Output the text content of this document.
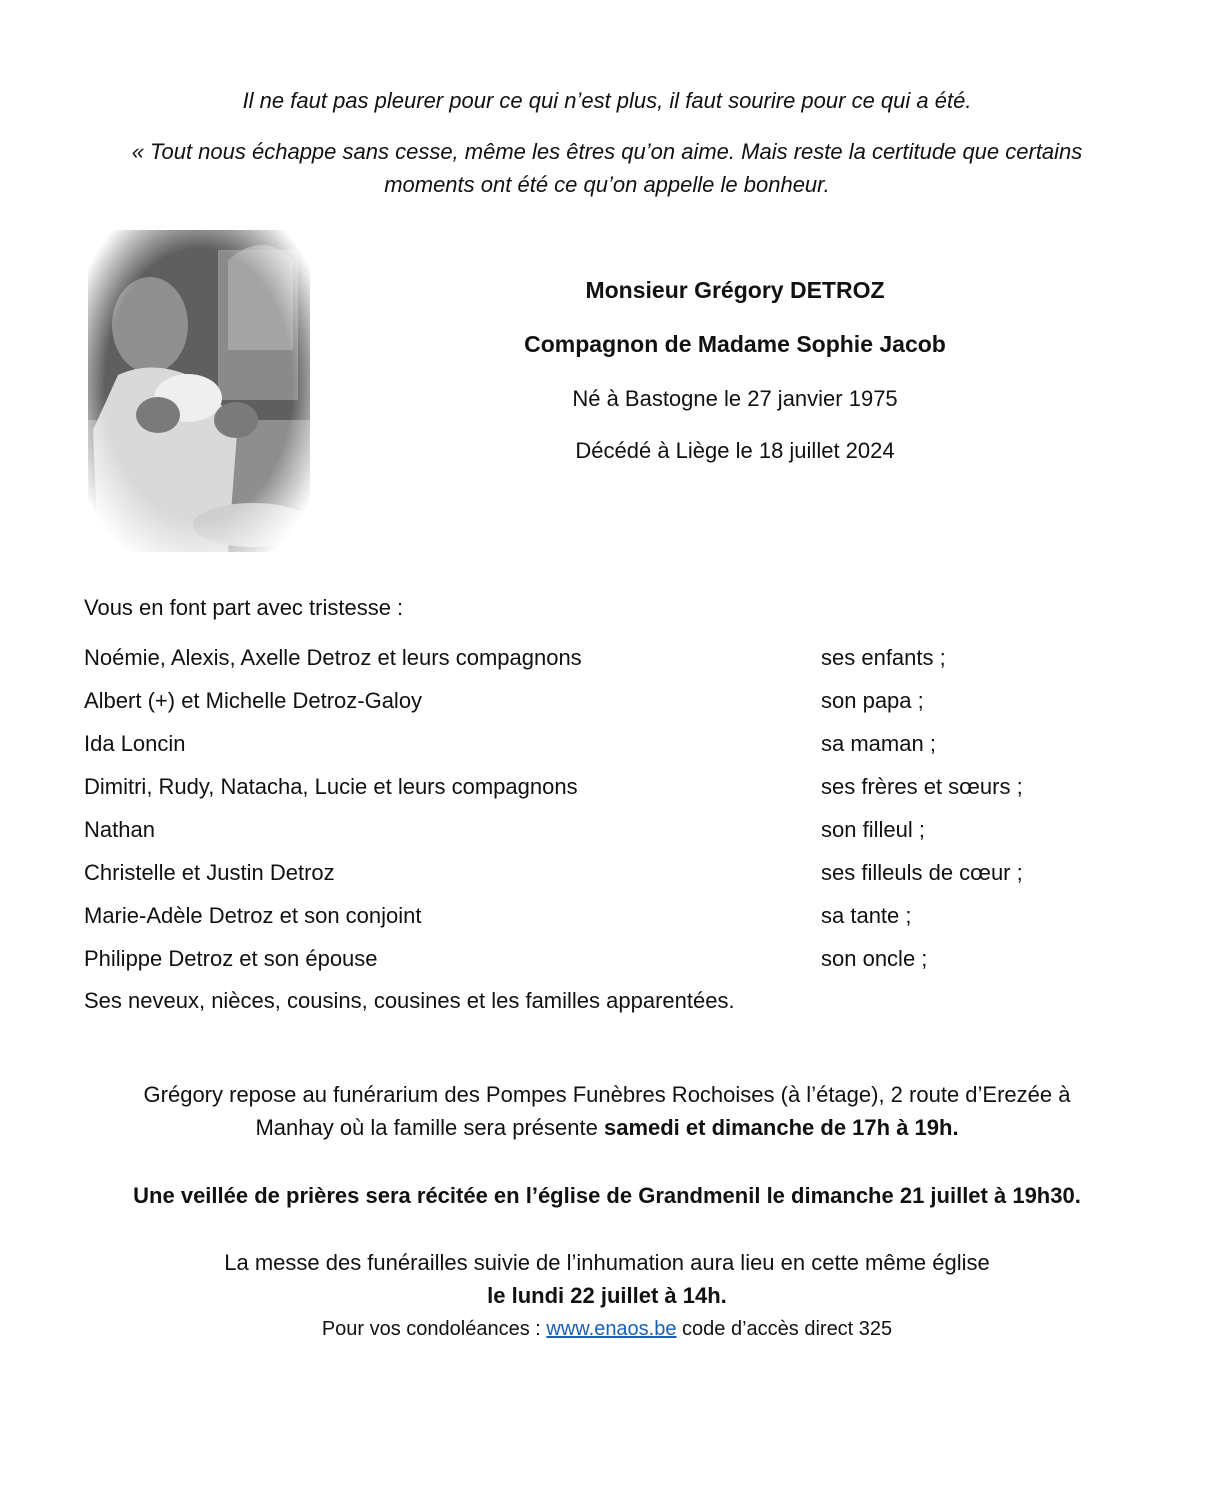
Il ne faut pas pleurer pour ce qui n’est plus, il faut sourire pour ce qui a été.
« Tout nous échappe sans cesse, même les êtres qu’on aime. Mais reste la certitude que certains
moments ont été ce qu’on appelle le bonheur.
Monsieur Grégory DETROZ
Compagnon de Madame Sophie Jacob
Né à Bastogne le 27 janvier 1975
Décédé à Liège le 18 juillet 2024
Vous en font part avec tristesse :
Noémie, Alexis, Axelle Detroz et leurs compagnons	ses enfants ;
Albert (+) et Michelle Detroz-Galoy	son papa ;
Ida Loncin	sa maman ;
Dimitri, Rudy, Natacha, Lucie et leurs compagnons	ses frères et sœurs ;
Nathan	son filleul ;
Christelle et Justin Detroz	ses filleuls de cœur ;
Marie-Adèle Detroz et son conjoint	sa tante ;
Philippe Detroz et son épouse	son oncle ;
Ses neveux, nièces, cousins, cousines et les familles apparentées.
Grégory repose au funérarium des Pompes Funèbres Rochoises (à l’étage), 2 route d’Erezée à
Manhay où la famille sera présente samedi et dimanche de 17h à 19h.
Une veillée de prières sera récitée en l’église de Grandmenil le dimanche 21 juillet à 19h30.
La messe des funérailles suivie de l’inhumation aura lieu en cette même église
le lundi 22 juillet à 14h.
Pour vos condoléances : www.enaos.be code d’accès direct 325
